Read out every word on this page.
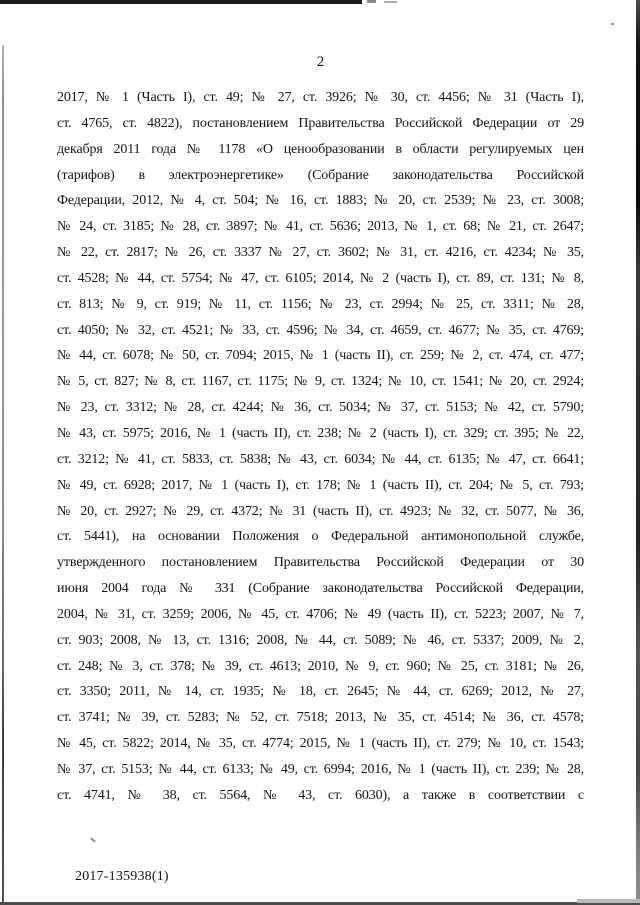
2
2017, № 1 (Часть I), ст. 49; № 27, ст. 3926; № 30, ст. 4456; № 31 (Часть I),
ст. 4765, ст. 4822), постановлением Правительства Российской Федерации от 29
декабря 2011 года № 1178 «О ценообразовании в области регулируемых цен
(тарифов) в электроэнергетике» (Собрание законодательства Российской
Федерации, 2012, № 4, ст. 504; № 16, ст. 1883; № 20, ст. 2539; № 23, ст. 3008;
№ 24, ст. 3185; № 28, ст. 3897; № 41, ст. 5636; 2013, № 1, ст. 68; № 21, ст. 2647;
№ 22, ст. 2817; № 26, ст. 3337 № 27, ст. 3602; № 31, ст. 4216, ст. 4234; № 35,
ст. 4528; № 44, ст. 5754; № 47, ст. 6105; 2014, № 2 (часть I), ст. 89, ст. 131; № 8,
ст. 813; № 9, ст. 919; № 11, ст. 1156; № 23, ст. 2994; № 25, ст. 3311; № 28,
ст. 4050; № 32, ст. 4521; № 33, ст. 4596; № 34, ст. 4659, ст. 4677; № 35, ст. 4769;
№ 44, ст. 6078; № 50, ст. 7094; 2015, № 1 (часть II), ст. 259; № 2, ст. 474, ст. 477;
№ 5, ст. 827; № 8, ст. 1167, ст. 1175; № 9, ст. 1324; № 10, ст. 1541; № 20, ст. 2924;
№ 23, ст. 3312; № 28, ст. 4244; № 36, ст. 5034; № 37, ст. 5153; № 42, ст. 5790;
№ 43, ст. 5975; 2016, № 1 (часть II), ст. 238; № 2 (часть I), ст. 329; ст. 395; № 22,
ст. 3212; № 41, ст. 5833, ст. 5838; № 43, ст. 6034; № 44, ст. 6135; № 47, ст. 6641;
№ 49, ст. 6928; 2017, № 1 (часть I), ст. 178; № 1 (часть II), ст. 204; № 5, ст. 793;
№ 20, ст. 2927; № 29, ст. 4372; № 31 (часть II), ст. 4923; № 32, ст. 5077, № 36,
ст. 5441), на основании Положения о Федеральной антимонопольной службе,
утвержденного постановлением Правительства Российской Федерации от 30
июня 2004 года № 331 (Собрание законодательства Российской Федерации,
2004, № 31, ст. 3259; 2006, № 45, ст. 4706; № 49 (часть II), ст. 5223; 2007, № 7,
ст. 903; 2008, № 13, ст. 1316; 2008, № 44, ст. 5089; № 46, ст. 5337; 2009, № 2,
ст. 248; № 3, ст. 378; № 39, ст. 4613; 2010, № 9, ст. 960; № 25, ст. 3181; № 26,
ст. 3350; 2011, № 14, ст. 1935; № 18, ст. 2645; № 44, ст. 6269; 2012, № 27,
ст. 3741; № 39, ст. 5283; № 52, ст. 7518; 2013, № 35, ст. 4514; № 36, ст. 4578;
№ 45, ст. 5822; 2014, № 35, ст. 4774; 2015, № 1 (часть II), ст. 279; № 10, ст. 1543;
№ 37, ст. 5153; № 44, ст. 6133; № 49, ст. 6994; 2016, № 1 (часть II), ст. 239; № 28,
ст. 4741, № 38, ст. 5564, № 43, ст. 6030), а также в соответствии с
2017-135938(1)
